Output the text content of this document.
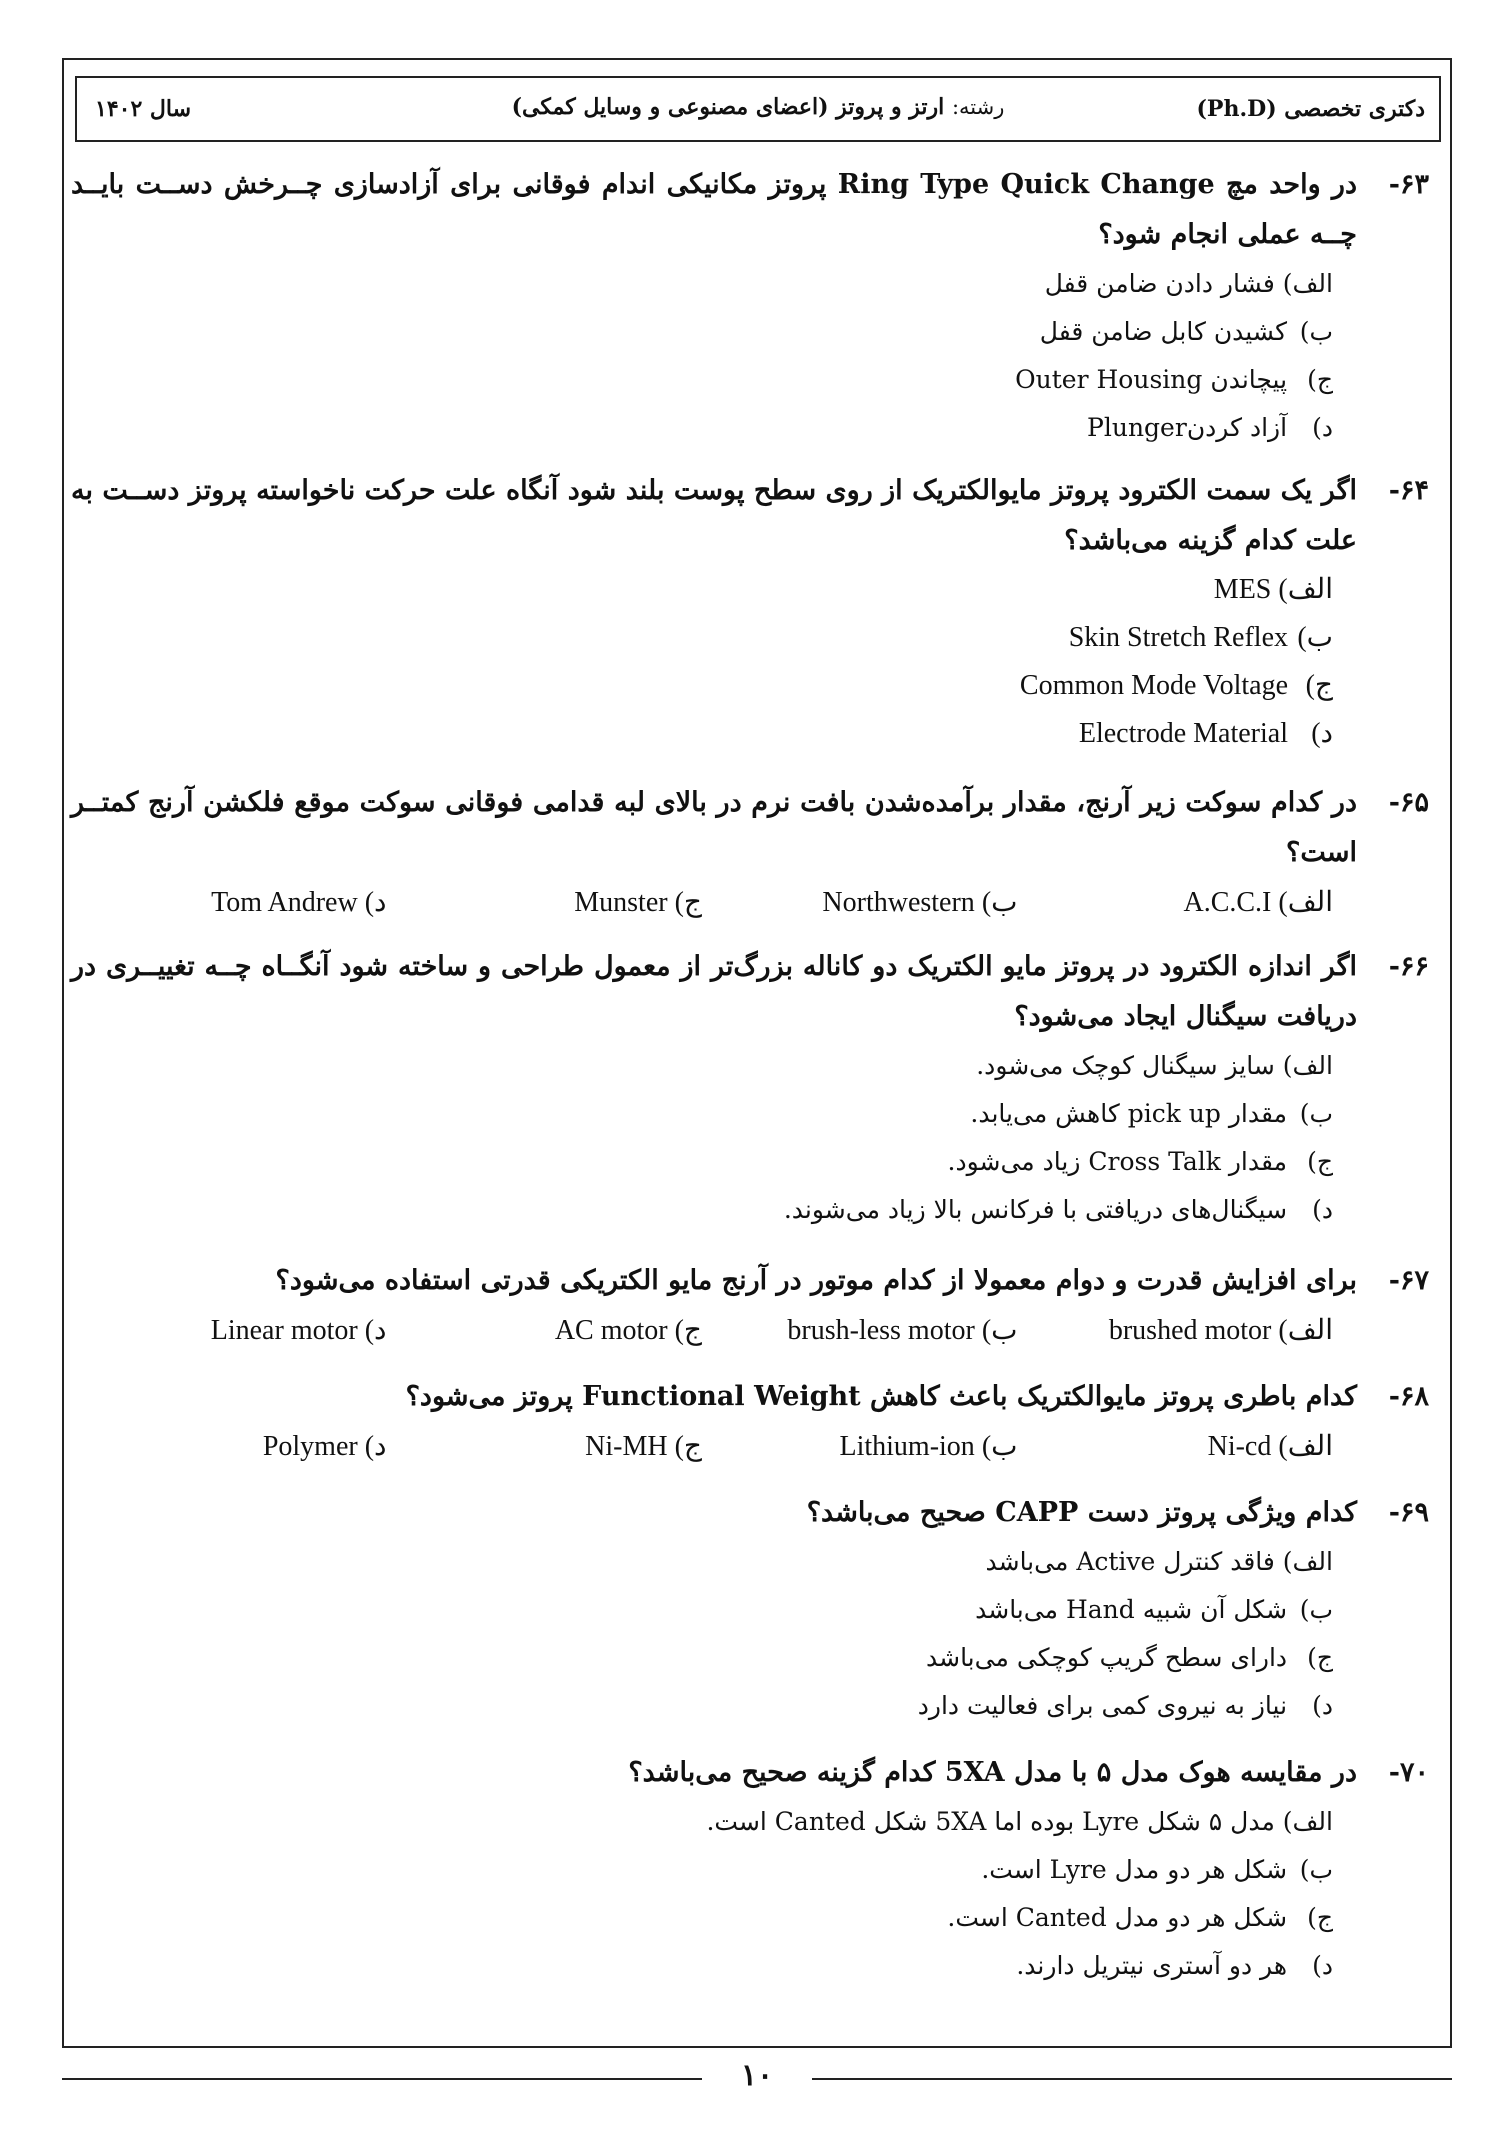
دکتری تخصصی (Ph.D)
رشته: ارتز و پروتز (اعضای مصنوعی و وسایل کمکی)
سال ۱۴۰۲
۶۳-
در واحد مچ Ring Type Quick Change پروتز مکانیکی اندام فوقانی برای آزادسازی چــرخش دســت بایــد چــه عملی انجام شود؟
الف) فشار دادن ضامن قفل
ب) کشیدن کابل ضامن قفل
ج) پیچاندن Outer Housing
د) آزاد کردنPlunger
۶۴-
اگر یک سمت الکترود پروتز مایوالکتریک از روی سطح پوست بلند شود آنگاه علت حرکت ناخواسته پروتز دســت به علت کدام گزینه می‌باشد؟
الف) MES
ب) Skin Stretch Reflex
ج) Common Mode Voltage
د) Electrode Material
۶۵-
در کدام سوکت زیر آرنج، مقدار برآمده‌شدن بافت نرم در بالای لبه قدامی فوقانی سوکت موقع فلکشن آرنج کمتــر است؟
الف) A.C.C.I
ب) Northwestern
ج) Munster
د) Tom Andrew
۶۶-
اگر اندازه الکترود در پروتز مایو الکتریک دو کاناله بزرگ‌تر از معمول طراحی و ساخته شود آنگــاه چــه تغییــری در دریافت سیگنال ایجاد می‌شود؟
الف) سایز سیگنال کوچک می‌شود.
ب) مقدار pick up کاهش می‌یابد.
ج) مقدار Cross Talk زیاد می‌شود.
د) سیگنال‌های دریافتی با فرکانس بالا زیاد می‌شوند.
۶۷-
برای افزایش قدرت و دوام معمولا از کدام موتور در آرنج مایو الکتریکی قدرتی استفاده می‌شود؟
الف) brushed motor
ب) brush-less motor
ج) AC motor
د) Linear motor
۶۸-
کدام باطری پروتز مایوالکتریک باعث کاهش Functional Weight پروتز می‌شود؟
الف) Ni-cd
ب) Lithium-ion
ج) Ni-MH
د) Polymer
۶۹-
کدام ویژگی پروتز دست CAPP صحیح می‌باشد؟
الف) فاقد کنترل Active می‌باشد
ب) شکل آن شبیه Hand می‌باشد
ج) دارای سطح گریپ کوچکی می‌باشد
د) نیاز به نیروی کمی برای فعالیت دارد
۷۰-
در مقایسه هوک مدل ۵ با مدل 5XA کدام گزینه صحیح می‌باشد؟
الف) مدل ۵ شکل Lyre بوده اما 5XA شکل Canted است.
ب) شکل هر دو مدل Lyre است.
ج) شکل هر دو مدل Canted است.
د) هر دو آستری نیتریل دارند.
۱۰
